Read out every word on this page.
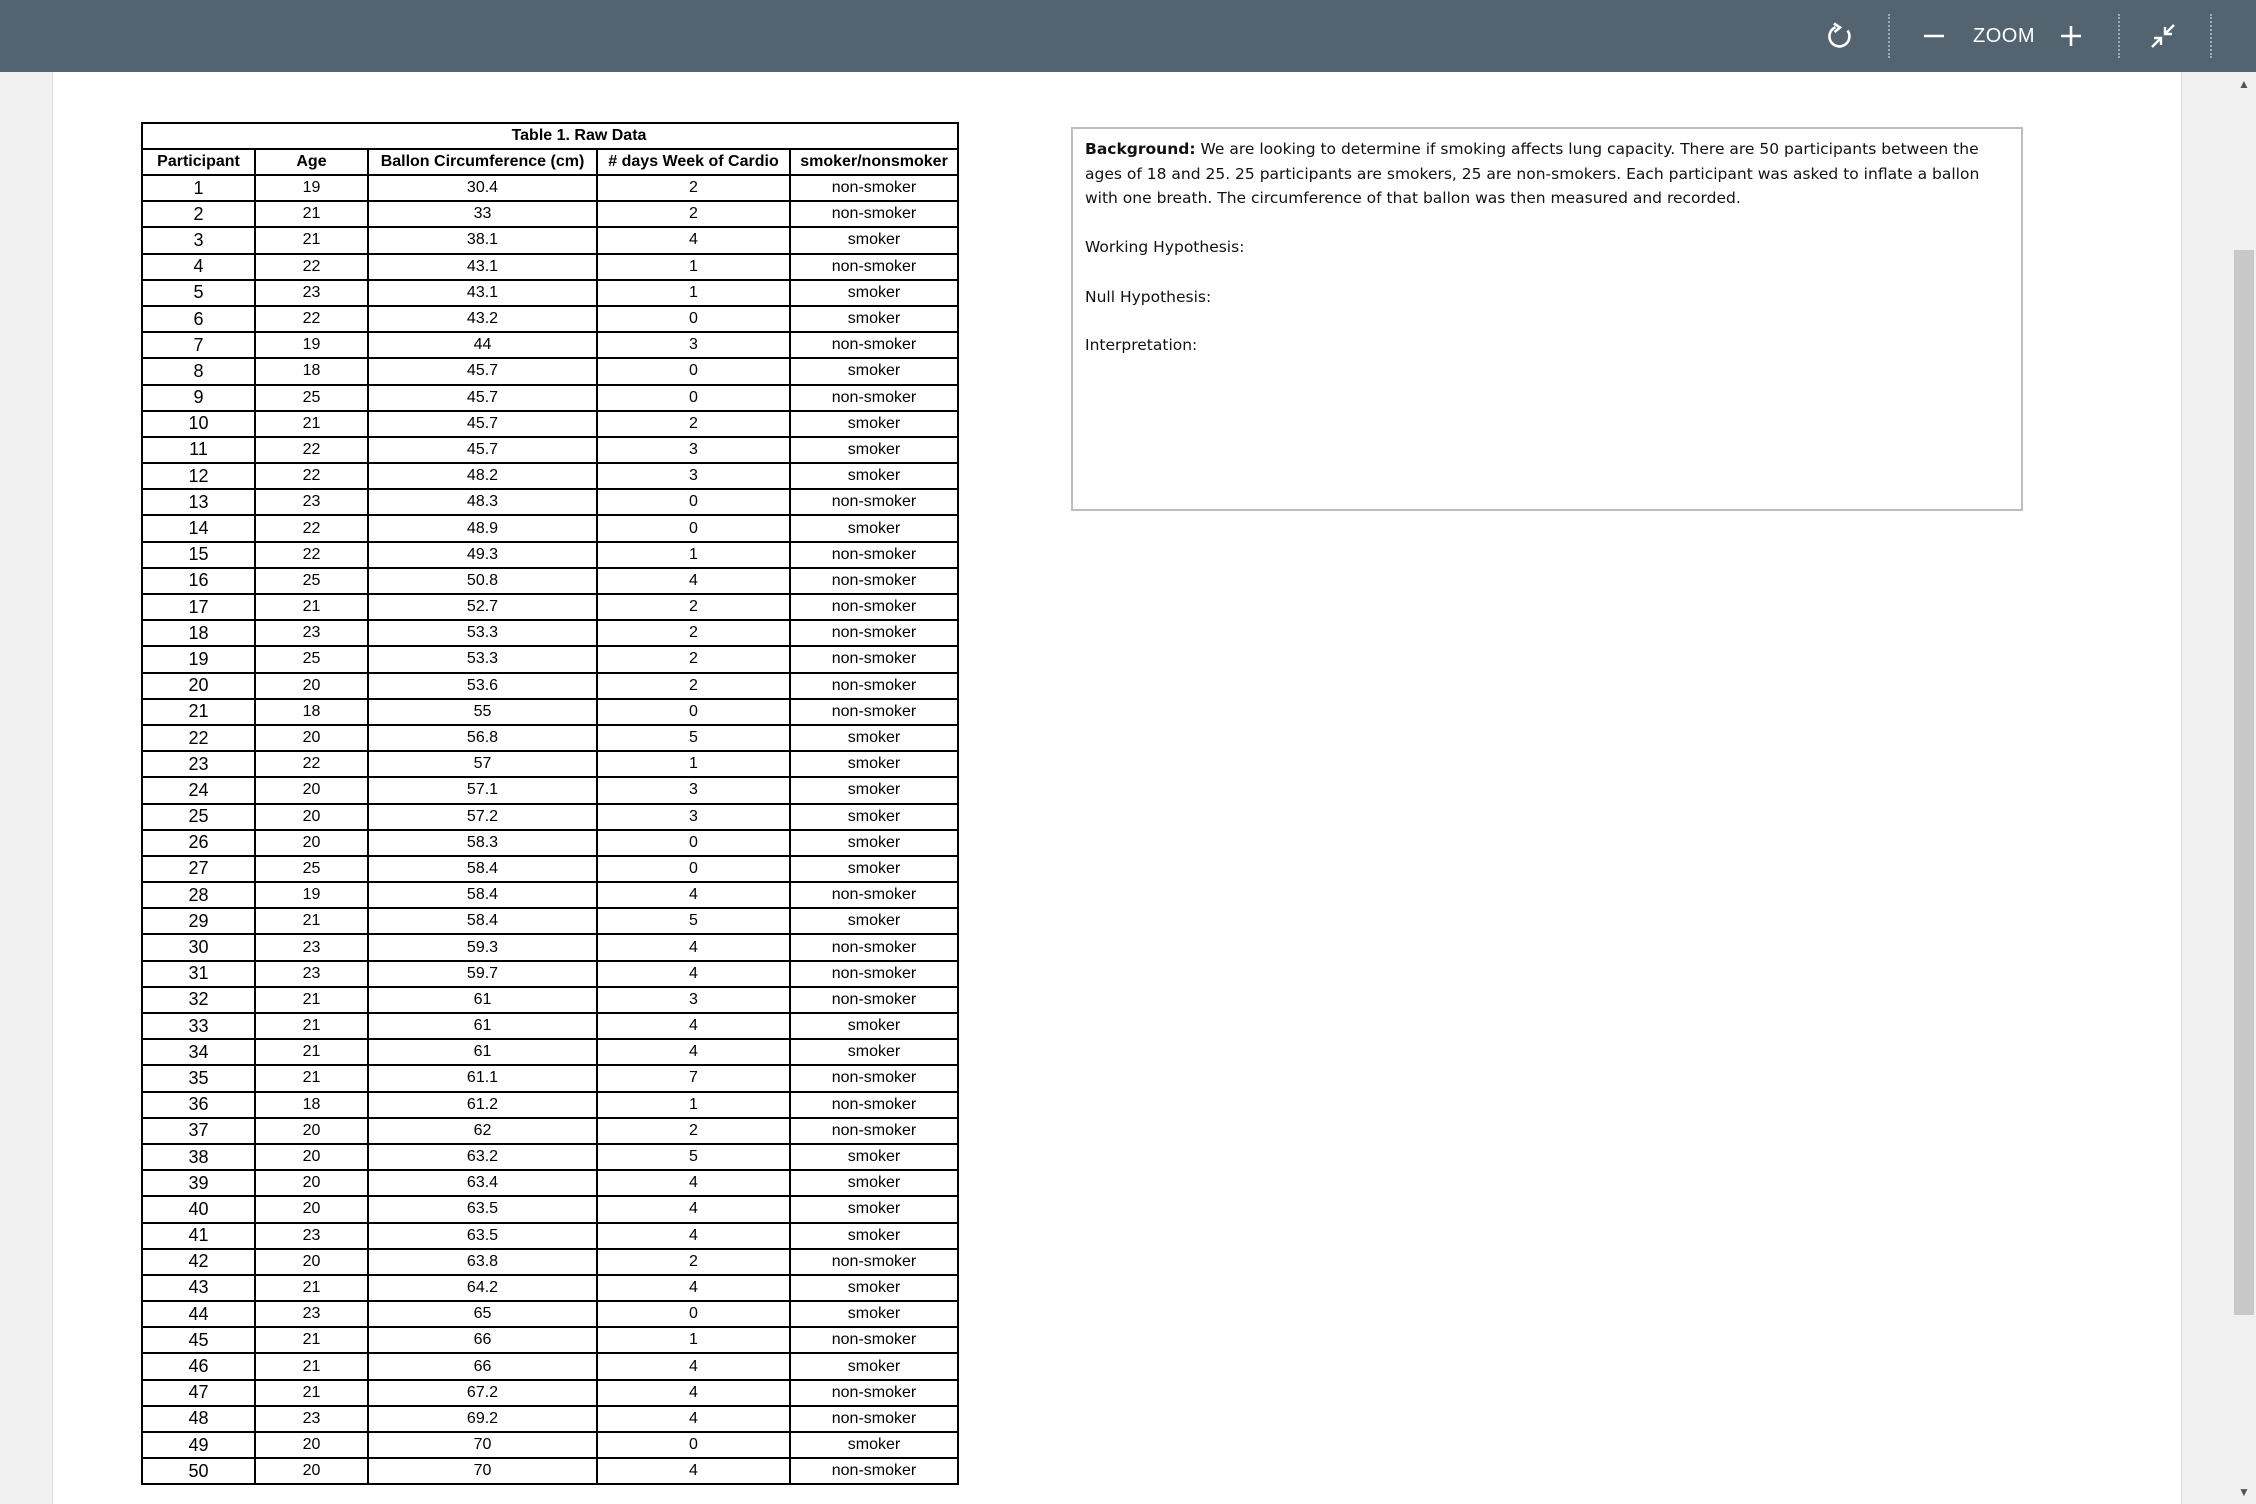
ZOOM
▲
▼
		Table 1. Raw Data		
Participant	Age	Ballon Circumference (cm)	# days Week of Cardio	smoker/nonsmoker
1	19	30.4	2	non-smoker
2	21	33	2	non-smoker
3	21	38.1	4	smoker
4	22	43.1	1	non-smoker
5	23	43.1	1	smoker
6	22	43.2	0	smoker
7	19	44	3	non-smoker
8	18	45.7	0	smoker
9	25	45.7	0	non-smoker
10	21	45.7	2	smoker
11	22	45.7	3	smoker
12	22	48.2	3	smoker
13	23	48.3	0	non-smoker
14	22	48.9	0	smoker
15	22	49.3	1	non-smoker
16	25	50.8	4	non-smoker
17	21	52.7	2	non-smoker
18	23	53.3	2	non-smoker
19	25	53.3	2	non-smoker
20	20	53.6	2	non-smoker
21	18	55	0	non-smoker
22	20	56.8	5	smoker
23	22	57	1	smoker
24	20	57.1	3	smoker
25	20	57.2	3	smoker
26	20	58.3	0	smoker
27	25	58.4	0	smoker
28	19	58.4	4	non-smoker
29	21	58.4	5	smoker
30	23	59.3	4	non-smoker
31	23	59.7	4	non-smoker
32	21	61	3	non-smoker
33	21	61	4	smoker
34	21	61	4	smoker
35	21	61.1	7	non-smoker
36	18	61.2	1	non-smoker
37	20	62	2	non-smoker
38	20	63.2	5	smoker
39	20	63.4	4	smoker
40	20	63.5	4	smoker
41	23	63.5	4	smoker
42	20	63.8	2	non-smoker
43	21	64.2	4	smoker
44	23	65	0	smoker
45	21	66	1	non-smoker
46	21	66	4	smoker
47	21	67.2	4	non-smoker
48	23	69.2	4	non-smoker
49	20	70	0	smoker
50	20	70	4	non-smoker

Background: We are looking to determine if smoking affects lung capacity. There are 50 participants between the ages of 18 and 25. 25 participants are smokers, 25 are non-smokers. Each participant was asked to inflate a ballon with one breath. The circumference of that ballon was then measured and recorded.

Working Hypothesis:

Null Hypothesis:

Interpretation:
